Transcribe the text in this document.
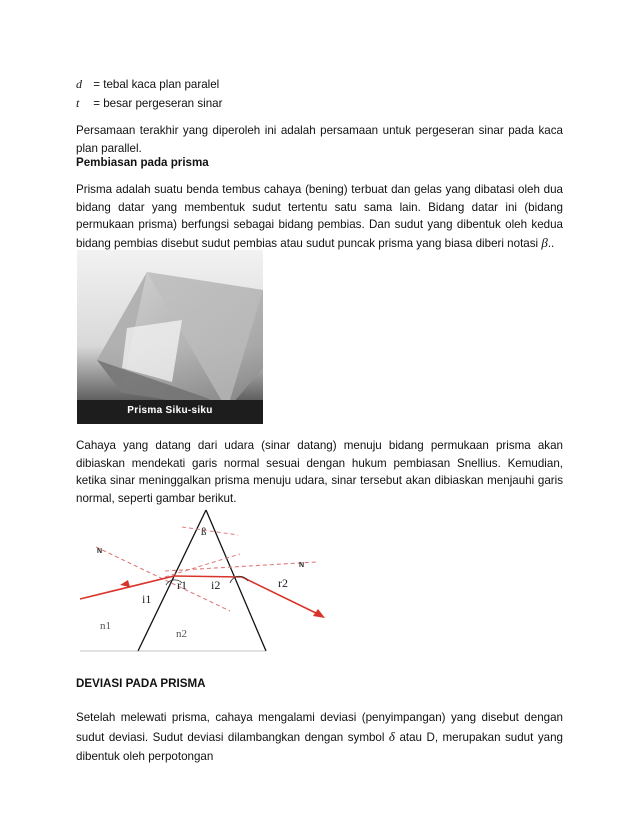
d = tebal kaca plan paralel
t = besar pergeseran sinar

Persamaan terakhir yang diperoleh ini adalah persamaan untuk pergeseran sinar pada kaca plan parallel.

Pembiasan pada prisma

Prisma adalah suatu benda tembus cahaya (bening) terbuat dan gelas yang dibatasi oleh dua bidang datar yang membentuk sudut tertentu satu sama lain. Bidang datar ini (bidang permukaan prisma) berfungsi sebagai bidang pembias. Dan sudut yang dibentuk oleh kedua bidang pembias disebut sudut pembias atau sudut puncak prisma yang biasa diberi notasi β..

Prisma Siku-siku

Cahaya yang datang dari udara (sinar datang) menuju bidang permukaan prisma akan dibiaskan mendekati garis normal sesuai dengan hukum pembiasan Snellius. Kemudian, ketika sinar meninggalkan prisma menuju udara, sinar tersebut akan dibiaskan menjauhi garis normal, seperti gambar berikut.

ß
N
N
i1
r1 i2	r2
n1
n2
DEVIASI PADA PRISMA

Setelah melewati prisma, cahaya mengalami deviasi (penyimpangan) yang disebut dengan sudut deviasi. Sudut deviasi dilambangkan dengan symbol δ atau D, merupakan sudut yang dibentuk oleh perpotongan
